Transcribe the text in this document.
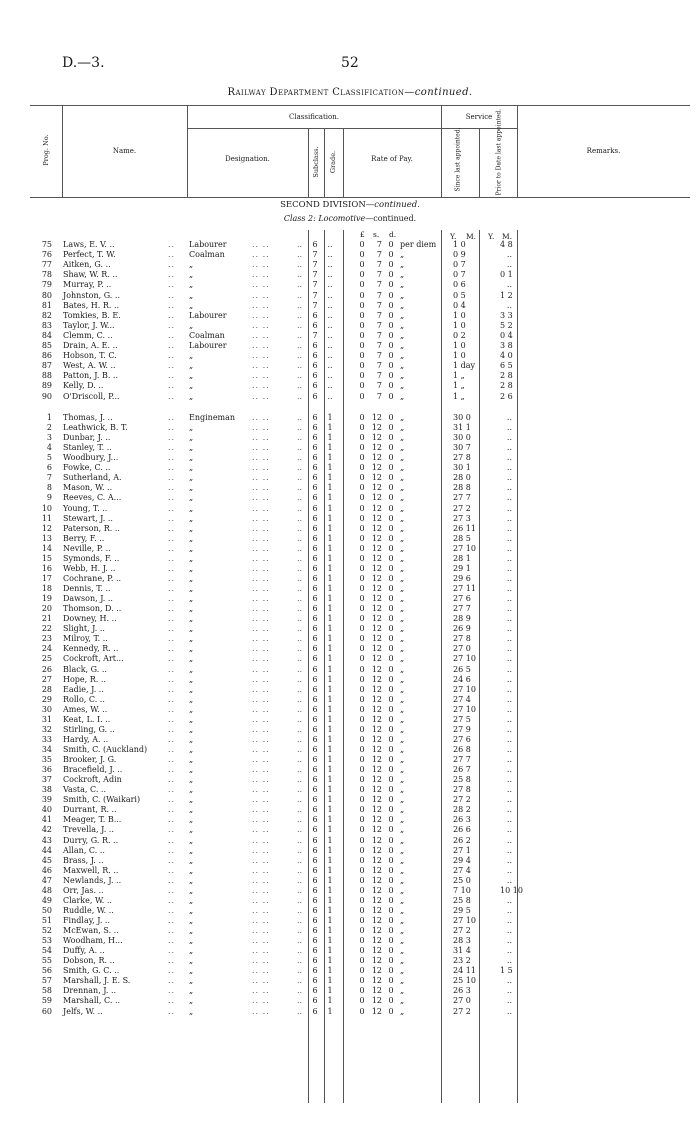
D.—3.	52
Railway Department Classification—continued.
Prog. No.	Name.
Classification.
Designation.	Subclass. Grade.	Rate of Pay.
Service
Since last appointed.	Prior to Date last appointed.	Remarks.
SECOND DIVISION—continued.
Class 2: Locomotive—continued.
£ s. d.	Y. M. Y. M.
75 Laws, E. V. ..	.. Labourer	.. ..	..	6	..	0	7 0 per diem 1 0	4 8
76 Perfect, T. W.	.. Coalman	.. ..	..	7	..	0	7 0 „	0 9	..
77 Aitken, G. ..	.. „	.. ..	..	7	..	0	7 0 „	0 7	..
78 Shaw, W. R. ..	.. „	.. ..	..	7	..	0	7 0 „	0 7	0 1
79 Murray, P. ..	.. „	.. ..	..	7	..	0	7 0 „	0 6	..
80 Johnston, G. ..	.. „	.. ..	..	7	..	0	7 0 „	0 5	1 2
81 Bates, H. R. ..	.. „	.. ..	..	7	..	0	7 0 „	0 4	..
82 Tomkies, B. E.	.. Labourer	.. ..	..	6	..	0	7 0 „	1 0	3 3
83 Taylor, J. W...	.. „	.. ..	..	6	..	0	7 0 „	1 0	5 2
84 Clemm, C. ..	.. Coalman	.. ..	..	7	..	0	7 0 „	0 2	0 4
85 Drain, A. E. ..	.. Labourer	.. ..	..	6	..	0	7 0 „	1 0	3 8
86 Hobson, T. C.	.. „	.. ..	..	6	..	0	7 0 „	1 0	4 0
87 West, A. W. ..	.. „	.. ..	..	6	..	0	7 0 „	1 day	6 5
88 Patton, J. B. ..	.. „	.. ..	..	6	..	0	7 0 „	1 „	2 8
89 Kelly, D. ..	.. „	.. ..	..	6	..	0	7 0 „	1 „	2 8
90 O'Driscoll, P...	.. „	.. ..	..	6	..	0	7 0 „	1 „	2 6
1 Thomas, J. ..	.. Engineman .. ..	..	6	1	0 12 0 „	30 0	..
2 Leathwick, B. T.	.. „	.. ..	..	6	1	0 12 0 „	31 1	..
3 Dunbar, J. ..	.. „	.. ..	..	6	1	0 12 0 „	30 0	..
4 Stanley, T. ..	.. „	.. ..	..	6	1	0 12 0 „	30 7	..
5 Woodbury, J...	.. „	.. ..	..	6	1	0 12 0 „	27 8	..
6 Fowke, C. ..	.. „	.. ..	..	6	1	0 12 0 „	30 1	..
7 Sutherland, A.	.. „	.. ..	..	6	1	0 12 0 „	28 0	..
8 Mason, W. ..	.. „	.. ..	..	6	1	0 12 0 „	28 8	..
9 Reeves, C. A...	.. „	.. ..	..	6	1	0 12 0 „	27 7	..
10 Young, T. ..	.. „	.. ..	..	6	1	0 12 0 „	27 2	..
11 Stewart, J. ..	.. „	.. ..	..	6	1	0 12 0 „	27 3	..
12 Paterson, R. ..	.. „	.. ..	..	6	1	0 12 0 „	26 11	..
13 Berry, F. ..	.. „	.. ..	..	6	1	0 12 0 „	28 5	..
14 Neville, P. ..	.. „	.. ..	..	6	1	0 12 0 „	27 10	..
15 Symonds, F. ..	.. „	.. ..	..	6	1	0 12 0 „	28 1	..
16 Webb, H. J. ..	.. „	.. ..	..	6	1	0 12 0 „	29 1	..
17 Cochrane, P. ..	.. „	.. ..	..	6	1	0 12 0 „	29 6	..
18 Dennis, T. ..	.. „	.. ..	..	6	1	0 12 0 „	27 11	..
19 Dawson, J. ..	.. „	.. ..	..	6	1	0 12 0 „	27 6	..
20 Thomson, D. ..	.. „	.. ..	..	6	1	0 12 0 „	27 7	..
21 Downey, H. ..	.. „	.. ..	..	6	1	0 12 0 „	28 9	..
22 Slight, J. ..	.. „	.. ..	..	6	1	0 12 0 „	26 9	..
23 Milroy, T. ..	.. „	.. ..	..	6	1	0 12 0 „	27 8	..
24 Kennedy, R. ..	.. „	.. ..	..	6	1	0 12 0 „	27 0	..
25 Cockroft, Art...	.. „	.. ..	..	6	1	0 12 0 „	27 10	..
26 Black, G. ..	.. „	.. ..	..	6	1	0 12 0 „	26 5	..
27 Hope, R. ..	.. „	.. ..	..	6	1	0 12 0 „	24 6	..
28 Eadie, J. ..	.. „	.. ..	..	6	1	0 12 0 „	27 10	..
29 Rollo, C. ..	.. „	.. ..	..	6	1	0 12 0 „	27 4	..
30 Ames, W. ..	.. „	.. ..	..	6	1	0 12 0 „	27 10	..
31 Keat, L. I. ..	.. „	.. ..	..	6	1	0 12 0 „	27 5	..
32 Stirling, G. ..	.. „	.. ..	..	6	1	0 12 0 „	27 9	..
33 Hardy, A. ..	.. „	.. ..	..	6	1	0 12 0 „	27 6	..
34 Smith, C. (Auckland)	.. „	.. ..	..	6	1	0 12 0 „	26 8	..
35 Brooker, J. G.	.. „	.. ..	..	6	1	0 12 0 „	27 7	..
36 Bracefield, J. ..	.. „	.. ..	..	6	1	0 12 0 „	26 7	..
37 Cockroft, Adin	.. „	.. ..	..	6	1	0 12 0 „	25 8	..
38 Vasta, C. ..	.. „	.. ..	..	6	1	0 12 0 „	27 8	..
39 Smith, C. (Waikari)	.. „	.. ..	..	6	1	0 12 0 „	27 2	..
40 Durrant, R. ..	.. „	.. ..	..	6	1	0 12 0 „	28 2	..
41 Meager, T. B...	.. „	.. ..	..	6	1	0 12 0 „	26 3	..
42 Trevella, J. ..	.. „	.. ..	..	6	1	0 12 0 „	26 6	..
43 Durry, G. R. ..	.. „	.. ..	..	6	1	0 12 0 „	26 2	..
44 Allan, C. ..	.. „	.. ..	..	6	1	0 12 0 „	27 1	..
45 Brass, J. ..	.. „	.. ..	..	6	1	0 12 0 „	29 4	..
46 Maxwell, R. ..	.. „	.. ..	..	6	1	0 12 0 „	27 4	..
47 Newlands, J. ..	.. „	.. ..	..	6	1	0 12 0 „	25 0	..
48 Orr, Jas. ..	.. „	.. ..	..	6	1	0 12 0 „	7 10	10 10
49 Clarke, W. ..	.. „	.. ..	..	6	1	0 12 0 „	25 8	..
50 Ruddle, W. ..	.. „	.. ..	..	6	1	0 12 0 „	29 5	..
51 Findlay, J. ..	.. „	.. ..	..	6	1	0 12 0 „	27 10	..
52 McEwan, S. ..	.. „	.. ..	..	6	1	0 12 0 „	27 2	..
53 Woodham, H...	.. „	.. ..	..	6	1	0 12 0 „	28 3	..
54 Duffy, A. ..	.. „	.. ..	..	6	1	0 12 0 „	31 4	..
55 Dobson, R. ..	.. „	.. ..	..	6	1	0 12 0 „	23 2	..
56 Smith, G. C. ..	.. „	.. ..	..	6	1	0 12 0 „	24 11	1 5
57 Marshall, J. E. S.	.. „	.. ..	..	6	1	0 12 0 „	25 10	..
58 Drennan, J. ..	.. „	.. ..	..	6	1	0 12 0 „	26 3	..
59 Marshall, C. ..	.. „	.. ..	..	6	1	0 12 0 „	27 0	..
60 Jelfs, W. ..	.. „	.. ..	..	6	1	0 12 0 „	27 2	..
